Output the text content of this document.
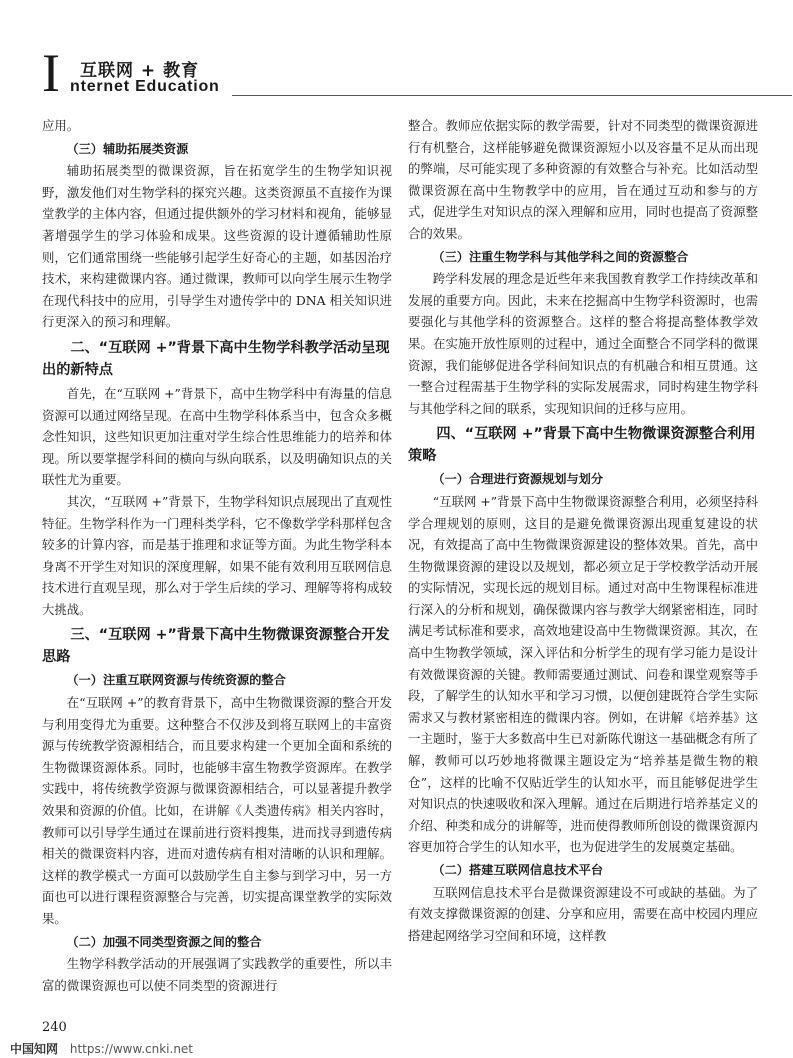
I 互联网 + 教育
nternet Education

应用。

（三）辅助拓展类资源

辅助拓展类型的微课资源，旨在拓宽学生的生物学知识视野，激发他们对生物学科的探究兴趣。这类资源虽不直接作为课堂教学的主体内容，但通过提供额外的学习材料和视角，能够显著增强学生的学习体验和成果。这些资源的设计遵循辅助性原则，它们通常围绕一些能够引起学生好奇心的主题，如基因治疗技术，来构建微课内容。通过微课，教师可以向学生展示生物学在现代科技中的应用，引导学生对遗传学中的 DNA 相关知识进行更深入的预习和理解。

二、“互联网 +”背景下高中生物学科教学活动呈现出的新特点

首先，在“互联网 +”背景下，高中生物学科中有海量的信息资源可以通过网络呈现。在高中生物学科体系当中，包含众多概念性知识，这些知识更加注重对学生综合性思维能力的培养和体现。所以要掌握学科间的横向与纵向联系，以及明确知识点的关联性尤为重要。

其次，“互联网 +”背景下，生物学科知识点展现出了直观性特征。生物学科作为一门理科类学科，它不像数学学科那样包含较多的计算内容，而是基于推理和求证等方面。为此生物学科本身离不开学生对知识的深度理解，如果不能有效利用互联网信息技术进行直观呈现，那么对于学生后续的学习、理解等将构成较大挑战。

三、“互联网 +”背景下高中生物微课资源整合开发思路
（一）注重互联网资源与传统资源的整合

在“互联网 +”的教育背景下，高中生物微课资源的整合开发与利用变得尤为重要。这种整合不仅涉及到将互联网上的丰富资源与传统教学资源相结合，而且要求构建一个更加全面和系统的生物微课资源体系。同时，也能够丰富生物教学资源库。在教学实践中，将传统教学资源与微课资源相结合，可以显著提升教学效果和资源的价值。比如，在讲解《人类遗传病》相关内容时，教师可以引导学生通过在课前进行资料搜集，进而找寻到遗传病相关的微课资料内容，进而对遗传病有相对清晰的认识和理解。这样的教学模式一方面可以鼓励学生自主参与到学习中，另一方面也可以进行课程资源整合与完善，切实提高课堂教学的实际效果。

（二）加强不同类型资源之间的整合

生物学科教学活动的开展强调了实践教学的重要性，所以丰富的微课资源也可以使不同类型的资源进行

整合。教师应依据实际的教学需要，针对不同类型的微课资源进行有机整合，这样能够避免微课资源短小以及容量不足从而出现的弊端，尽可能实现了多种资源的有效整合与补充。比如活动型微课资源在高中生物教学中的应用，旨在通过互动和参与的方式，促进学生对知识点的深入理解和应用，同时也提高了资源整合的效果。

（三）注重生物学科与其他学科之间的资源整合

跨学科发展的理念是近些年来我国教育教学工作持续改革和发展的重要方向。因此，未来在挖掘高中生物学科资源时，也需要强化与其他学科的资源整合。这样的整合将提高整体教学效果。在实施开放性原则的过程中，通过全面整合不同学科的微课资源，我们能够促进各学科间知识点的有机融合和相互贯通。这一整合过程需基于生物学科的实际发展需求，同时构建生物学科与其他学科之间的联系，实现知识间的迁移与应用。

四、“互联网 +”背景下高中生物微课资源整合利用策略
（一）合理进行资源规划与划分

“互联网 +”背景下高中生物微课资源整合利用，必须坚持科学合理规划的原则，这目的是避免微课资源出现重复建设的状况，有效提高了高中生物微课资源建设的整体效果。首先，高中生物微课资源的建设以及规划，都必须立足于学校教学活动开展的实际情况，实现长远的规划目标。通过对高中生物课程标准进行深入的分析和规划，确保微课内容与教学大纲紧密相连，同时满足考试标准和要求，高效地建设高中生物微课资源。其次，在高中生物教学领域，深入评估和分析学生的现有学习能力是设计有效微课资源的关键。教师需要通过测试、问卷和课堂观察等手段，了解学生的认知水平和学习习惯，以便创建既符合学生实际需求又与教材紧密相连的微课内容。例如，在讲解《培养基》这一主题时，鉴于大多数高中生已对新陈代谢这一基础概念有所了解，教师可以巧妙地将微课主题设定为“培养基是微生物的粮仓”，这样的比喻不仅贴近学生的认知水平，而且能够促进学生对知识点的快速吸收和深入理解。通过在后期进行培养基定义的介绍、种类和成分的讲解等，进而使得教师所创设的微课资源内容更加符合学生的认知水平，也为促进学生的发展奠定基础。

（二）搭建互联网信息技术平台

互联网信息技术平台是微课资源建设不可或缺的基础。为了有效支撑微课资源的创建、分享和应用，需要在高中校园内理应搭建起网络学习空间和环境，这样教

240
中国知网 https://www.cnki.net
